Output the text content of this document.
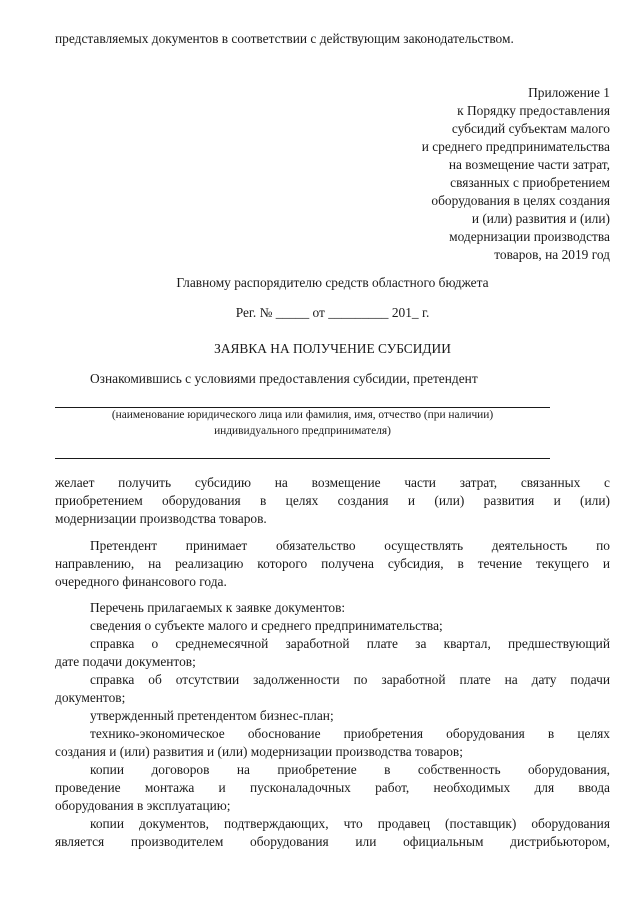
представляемых документов в соответствии с действующим законодательством.
Приложение 1
к Порядку предоставления
субсидий субъектам малого
и среднего предпринимательства
на возмещение части затрат,
связанных с приобретением
оборудования в целях создания
и (или) развития и (или)
модернизации производства
товаров, на 2019 год
Главному распорядителю средств областного бюджета
Рег. № _____ от _________ 201_ г.
ЗАЯВКА НА ПОЛУЧЕНИЕ СУБСИДИИ
Ознакомившись с условиями предоставления субсидии, претендент
(наименование юридического лица или фамилия, имя, отчество (при наличии)
индивидуального предпринимателя)
желает получить субсидию на возмещение части затрат, связанных с
приобретением оборудования в целях создания и (или) развития и (или)
модернизации производства товаров.
Претендент принимает обязательство осуществлять деятельность по
направлению, на реализацию которого получена субсидия, в течение текущего и
очередного финансового года.
Перечень прилагаемых к заявке документов:
сведения о субъекте малого и среднего предпринимательства;
справка о среднемесячной заработной плате за квартал, предшествующий
дате подачи документов;
справка об отсутствии задолженности по заработной плате на дату подачи
документов;
утвержденный претендентом бизнес-план;
технико-экономическое обоснование приобретения оборудования в целях
создания и (или) развития и (или) модернизации производства товаров;
копии договоров на приобретение в собственность оборудования,
проведение монтажа и пусконаладочных работ, необходимых для ввода
оборудования в эксплуатацию;
копии документов, подтверждающих, что продавец (поставщик) оборудования
является производителем оборудования или официальным дистрибьютором,
